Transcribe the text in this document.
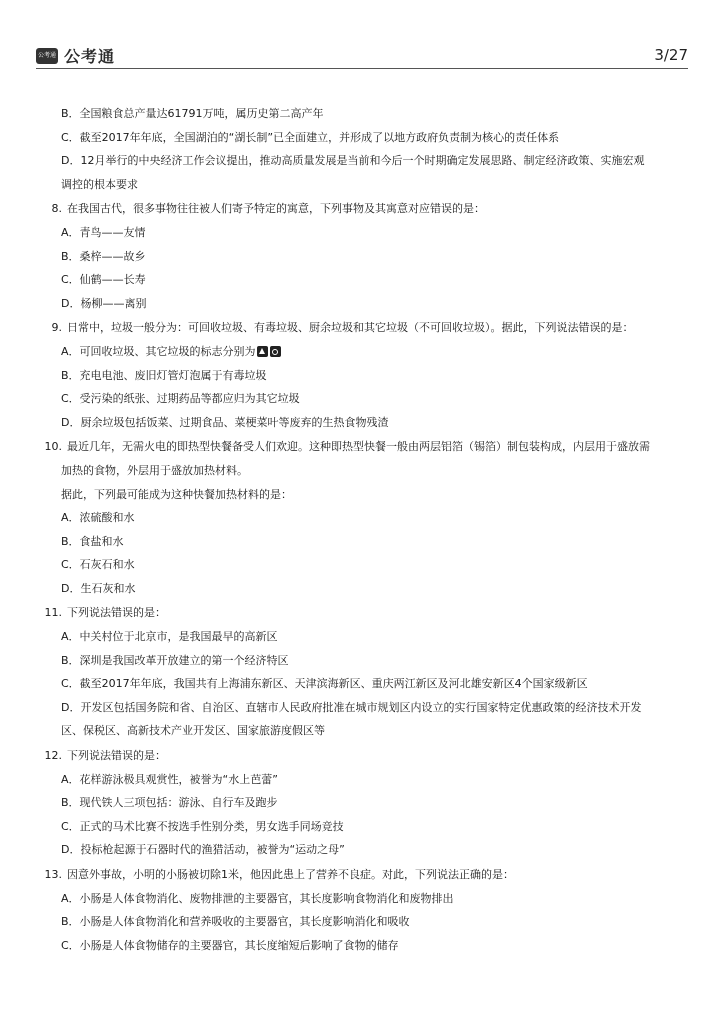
公考通 公考通	3/27
B．全国粮食总产量达61791万吨，属历史第二高产年
C．截至2017年年底，全国湖泊的“湖长制”已全面建立，并形成了以地方政府负责制为核心的责任体系
D．12月举行的中央经济工作会议提出，推动高质量发展是当前和今后一个时期确定发展思路、制定经济政策、实施宏观
调控的根本要求
8. 在我国古代，很多事物往往被人们寄予特定的寓意，下列事物及其寓意对应错误的是：
A．青鸟——友情
B．桑梓——故乡
C．仙鹤——长寿
D．杨柳——离别
9. 日常中，垃圾一般分为：可回收垃圾、有毒垃圾、厨余垃圾和其它垃圾（不可回收垃圾）。据此，下列说法错误的是：
A．可回收垃圾、其它垃圾的标志分别为
B．充电电池、废旧灯管灯泡属于有毒垃圾
C．受污染的纸张、过期药品等都应归为其它垃圾
D．厨余垃圾包括饭菜、过期食品、菜梗菜叶等废弃的生热食物残渣
10. 最近几年，无需火电的即热型快餐备受人们欢迎。这种即热型快餐一般由两层铝箔（锡箔）制包装构成，内层用于盛放需
加热的食物，外层用于盛放加热材料。
据此，下列最可能成为这种快餐加热材料的是：
A．浓硫酸和水
B．食盐和水
C．石灰石和水
D．生石灰和水
11. 下列说法错误的是：
A．中关村位于北京市，是我国最早的高新区
B．深圳是我国改革开放建立的第一个经济特区
C．截至2017年年底，我国共有上海浦东新区、天津滨海新区、重庆两江新区及河北雄安新区4个国家级新区
D．开发区包括国务院和省、自治区、直辖市人民政府批准在城市规划区内设立的实行国家特定优惠政策的经济技术开发
区、保税区、高新技术产业开发区、国家旅游度假区等
12. 下列说法错误的是：
A．花样游泳极具观赏性，被誉为“水上芭蕾”
B．现代铁人三项包括：游泳、自行车及跑步
C．正式的马术比赛不按选手性别分类，男女选手同场竞技
D．投标枪起源于石器时代的渔猎活动，被誉为“运动之母”
13. 因意外事故，小明的小肠被切除1米，他因此患上了营养不良症。对此，下列说法正确的是：
A．小肠是人体食物消化、废物排泄的主要器官，其长度影响食物消化和废物排出
B．小肠是人体食物消化和营养吸收的主要器官，其长度影响消化和吸收
C．小肠是人体食物储存的主要器官，其长度缩短后影响了食物的储存
